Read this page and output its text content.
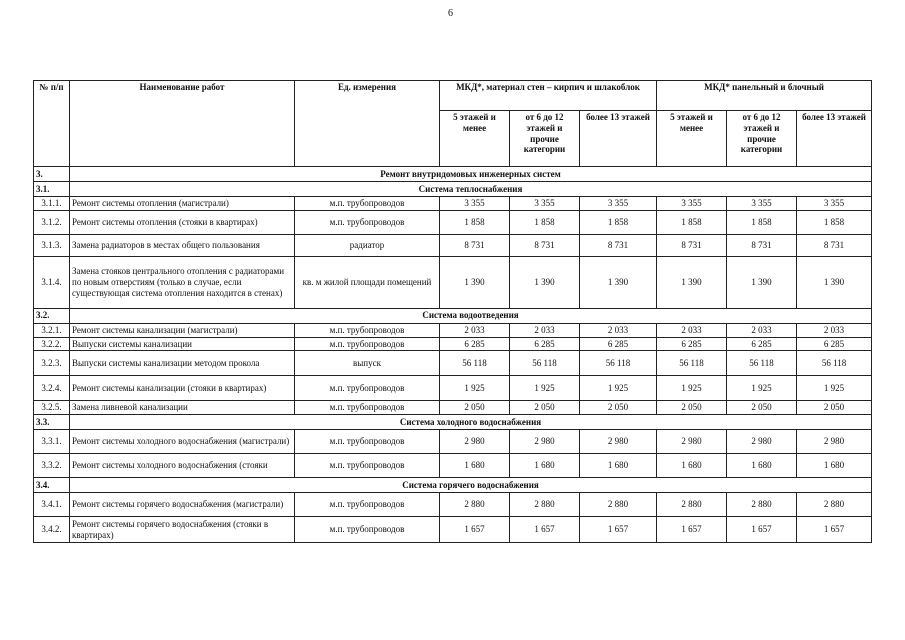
6
№ п/п	Наименование работ	Ед. измерения	МКД*, материал стен – кирпич и шлакоблок			МКД* панельный и блочный		
			5 этажей и менее	от 6 до 12 этажей и прочие категории	более 13 этажей	5 этажей и менее	от 6 до 12 этажей и прочие категории	более 13 этажей
3.	Ремонт внутридомовых инженерных систем							
3.1.	Система теплоснабжения							
3.1.1.	Ремонт системы отопления (магистрали)	м.п. трубопроводов	3 355	3 355	3 355	3 355	3 355	3 355
3.1.2.	Ремонт системы отопления (стояки в квартирах)	м.п. трубопроводов	1 858	1 858	1 858	1 858	1 858	1 858
3.1.3.	Замена радиаторов в местах общего пользования	радиатор	8 731	8 731	8 731	8 731	8 731	8 731
3.1.4.	Замена стояков центрального отопления с радиаторами по новым отверстиям (только в случае, если существующая система отопления находится в стенах)	кв. м жилой площади помещений	1 390	1 390	1 390	1 390	1 390	1 390
3.2.	Система водоотведения							
3.2.1.	Ремонт системы канализации (магистрали)	м.п. трубопроводов	2 033	2 033	2 033	2 033	2 033	2 033
3.2.2.	Выпуски системы канализации	м.п. трубопроводов	6 285	6 285	6 285	6 285	6 285	6 285
3.2.3.	Выпуски системы канализации методом прокола	выпуск	56 118	56 118	56 118	56 118	56 118	56 118
3.2.4.	Ремонт системы канализации (стояки в квартирах)	м.п. трубопроводов	1 925	1 925	1 925	1 925	1 925	1 925
3.2.5.	Замена ливневой канализации	м.п. трубопроводов	2 050	2 050	2 050	2 050	2 050	2 050
3.3.	Система холодного водоснабжения							
3.3.1.	Ремонт системы холодного водоснабжения (магистрали)	м.п. трубопроводов	2 980	2 980	2 980	2 980	2 980	2 980
3.3.2.	Ремонт системы холодного водоснабжения (стояки	м.п. трубопроводов	1 680	1 680	1 680	1 680	1 680	1 680
3.4.	Система горячего водоснабжения							
3.4.1.	Ремонт системы горячего водоснабжения (магистрали)	м.п. трубопроводов	2 880	2 880	2 880	2 880	2 880	2 880
3.4.2.	Ремонт системы горячего водоснабжения (стояки в квартирах)	м.п. трубопроводов	1 657	1 657	1 657	1 657	1 657	1 657
